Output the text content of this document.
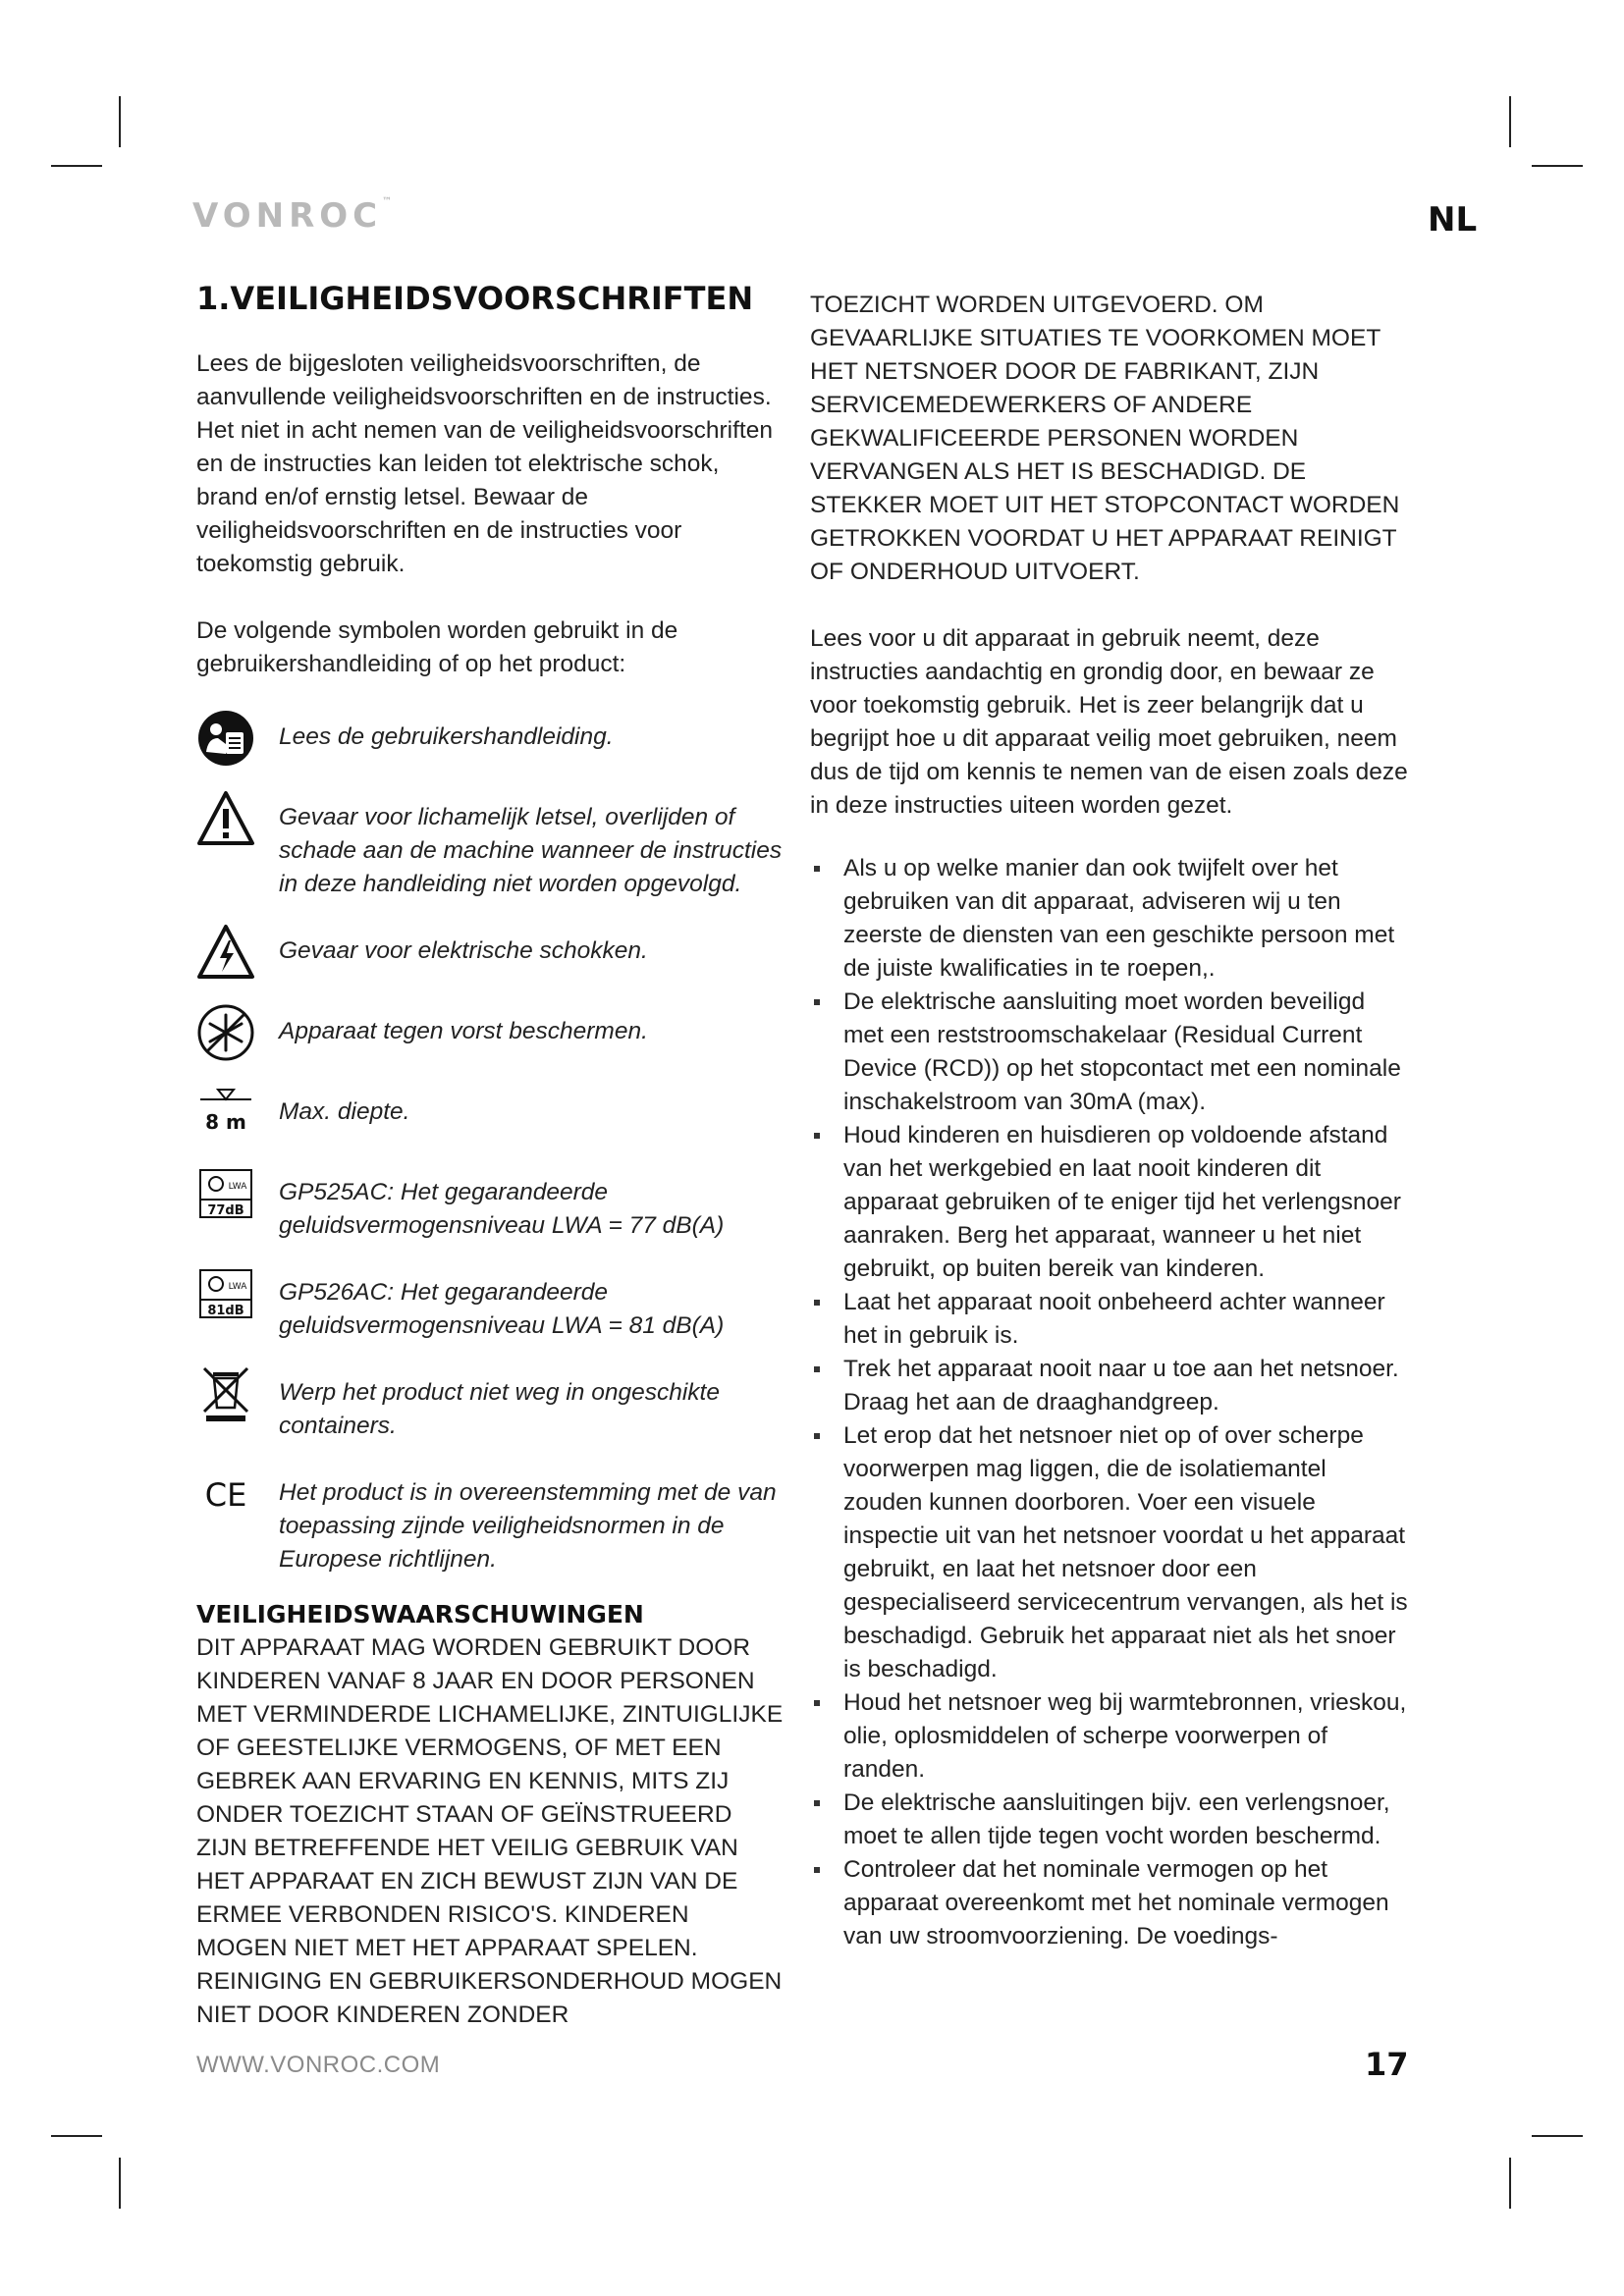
VONROC™	NL
1.VEILIGHEIDSVOORSCHRIFTEN

Lees de bijgesloten veiligheidsvoorschriften, de aanvullende veiligheidsvoorschriften en de instructies. Het niet in acht nemen van de veiligheidsvoorschriften en de instructies kan leiden tot elektrische schok, brand en/of ernstig letsel. Bewaar de veiligheidsvoorschriften en de instructies voor toekomstig gebruik.

De volgende symbolen worden gebruikt in de gebruikershandleiding of op het product:

Lees de gebruikershandleiding.
Gevaar voor lichamelijk letsel, overlijden of schade aan de machine wanneer de instructies in deze handleiding niet worden opgevolgd.
Gevaar voor elektrische schokken.
Apparaat tegen vorst beschermen.
8 m Max. diepte.
LWA
77dB
GP525AC: Het gegarandeerde geluidsvermogensniveau LWA = 77 dB(A)
LWA
81dB
GP526AC: Het gegarandeerde geluidsvermogensniveau LWA = 81 dB(A)
Werp het product niet weg in ongeschikte containers.
CE Het product is in overeenstemming met de van toepassing zijnde veiligheidsnormen in de Europese richtlijnen.
VEILIGHEIDSWAARSCHUWINGEN

DIT APPARAAT MAG WORDEN GEBRUIKT DOOR KINDEREN VANAF 8 JAAR EN DOOR PERSONEN MET VERMINDERDE LICHAMELIJKE, ZINTUIGLIJKE OF GEESTELIJKE VERMOGENS, OF MET EEN GEBREK AAN ERVARING EN KENNIS, MITS ZIJ ONDER TOEZICHT STAAN OF GEÏNSTRUEERD ZIJN BETREFFENDE HET VEILIG GEBRUIK VAN HET APPARAAT EN ZICH BEWUST ZIJN VAN DE ERMEE VERBONDEN RISICO'S. KINDEREN MOGEN NIET MET HET APPARAAT SPELEN. REINIGING EN GEBRUIKERSONDERHOUD MOGEN NIET DOOR KINDEREN ZONDER

TOEZICHT WORDEN UITGEVOERD. OM GEVAARLIJKE SITUATIES TE VOORKOMEN MOET HET NETSNOER DOOR DE FABRIKANT, ZIJN SERVICEMEDEWERKERS OF ANDERE GEKWALIFICEERDE PERSONEN WORDEN VERVANGEN ALS HET IS BESCHADIGD. DE STEKKER MOET UIT HET STOPCONTACT WORDEN GETROKKEN VOORDAT U HET APPARAAT REINIGT OF ONDERHOUD UITVOERT.

Lees voor u dit apparaat in gebruik neemt, deze instructies aandachtig en grondig door, en bewaar ze voor toekomstig gebruik. Het is zeer belangrijk dat u begrijpt hoe u dit apparaat veilig moet gebruiken, neem dus de tijd om kennis te nemen van de eisen zoals deze in deze instructies uiteen worden gezet.

Als u op welke manier dan ook twijfelt over het gebruiken van dit apparaat, adviseren wij u ten zeerste de diensten van een geschikte persoon met de juiste kwalificaties in te roepen,.
De elektrische aansluiting moet worden beveiligd met een reststroomschakelaar (Residual Current Device (RCD)) op het stopcontact met een nominale inschakelstroom van 30mA (max).
Houd kinderen en huisdieren op voldoende afstand van het werkgebied en laat nooit kinderen dit apparaat gebruiken of te eniger tijd het verlengsnoer aanraken. Berg het apparaat, wanneer u het niet gebruikt, op buiten bereik van kinderen.
Laat het apparaat nooit onbeheerd achter wanneer het in gebruik is.
Trek het apparaat nooit naar u toe aan het netsnoer. Draag het aan de draaghandgreep.
Let erop dat het netsnoer niet op of over scherpe voorwerpen mag liggen, die de isolatiemantel zouden kunnen doorboren. Voer een visuele inspectie uit van het netsnoer voordat u het apparaat gebruikt, en laat het netsnoer door een gespecialiseerd servicecentrum vervangen, als het is beschadigd. Gebruik het apparaat niet als het snoer is beschadigd.
Houd het netsnoer weg bij warmtebronnen, vrieskou, olie, oplosmiddelen of scherpe voorwerpen of randen.
De elektrische aansluitingen bijv. een verlengsnoer, moet te allen tijde tegen vocht worden beschermd.
Controleer dat het nominale vermogen op het apparaat overeenkomt met het nominale vermogen van uw stroomvoorziening. De voedings-
WWW.VONROC.COM	17
